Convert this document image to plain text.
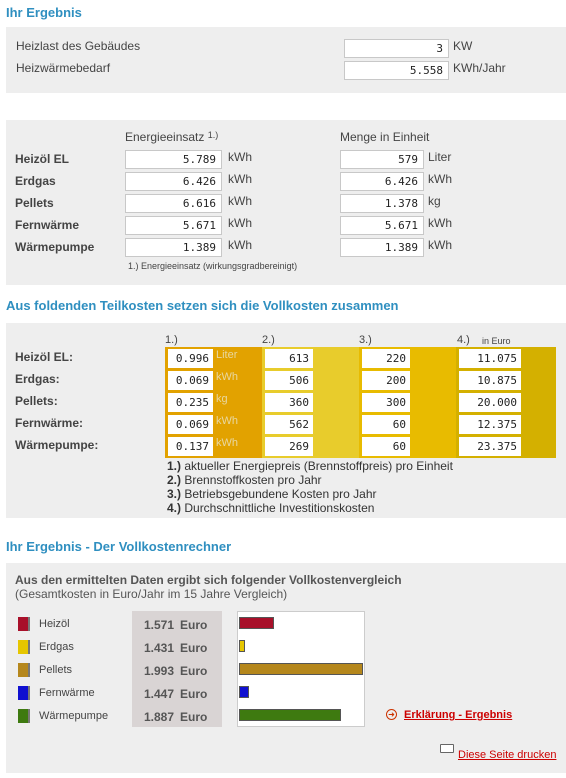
Ihr Ergebnis
Heizlast des Gebäudes	3 KW
Heizwärmebedarf	5.558 KWh/Jahr
Energieeinsatz $^{1.)}$	Menge in Einheit
Heizöl EL	5.789	kWh	579 Liter
Erdgas	6.426	kWh	6.426 kWh
Pellets	6.616	kWh	1.378 kg
Fernwärme	5.671	kWh	5.671 kWh
Wärmepumpe	1.389	kWh	1.389 kWh
1.) Energieeinsatz (wirkungsgradbereinigt)
Aus foldenden Teilkosten setzen sich die Vollkosten zusammen
1.)	2.)	3.)	4.) in Euro
Heizöl EL:	0.996 Liter	613	220	11.075
Erdgas:	0.069 kWh	506	200	10.875
Pellets:	0.235 kg	360	300	20.000
Fernwärme:	0.069 kWh	562	60	12.375
Wärmepumpe:	0.137 kWh	269	60	23.375
1.) aktueller Energiepreis (Brennstoffpreis) pro Einheit
2.) Brennstoffkosten pro Jahr
3.) Betriebsgebundene Kosten pro Jahr
4.) Durchschnittliche Investitionskosten
Ihr Ergebnis - Der Vollkostenrechner
Aus den ermittelten Daten ergibt sich folgender Vollkostenvergleich
(Gesamtkosten in Euro/Jahr im 15 Jahre Vergleich)
Heizöl	1.571 Euro
Erdgas	1.431 Euro
Pellets	1.993 Euro
Fernwärme	1.447 Euro
Wärmepumpe	1.887 Euro	➜ Erklärung - Ergebnis
Diese Seite drucken
